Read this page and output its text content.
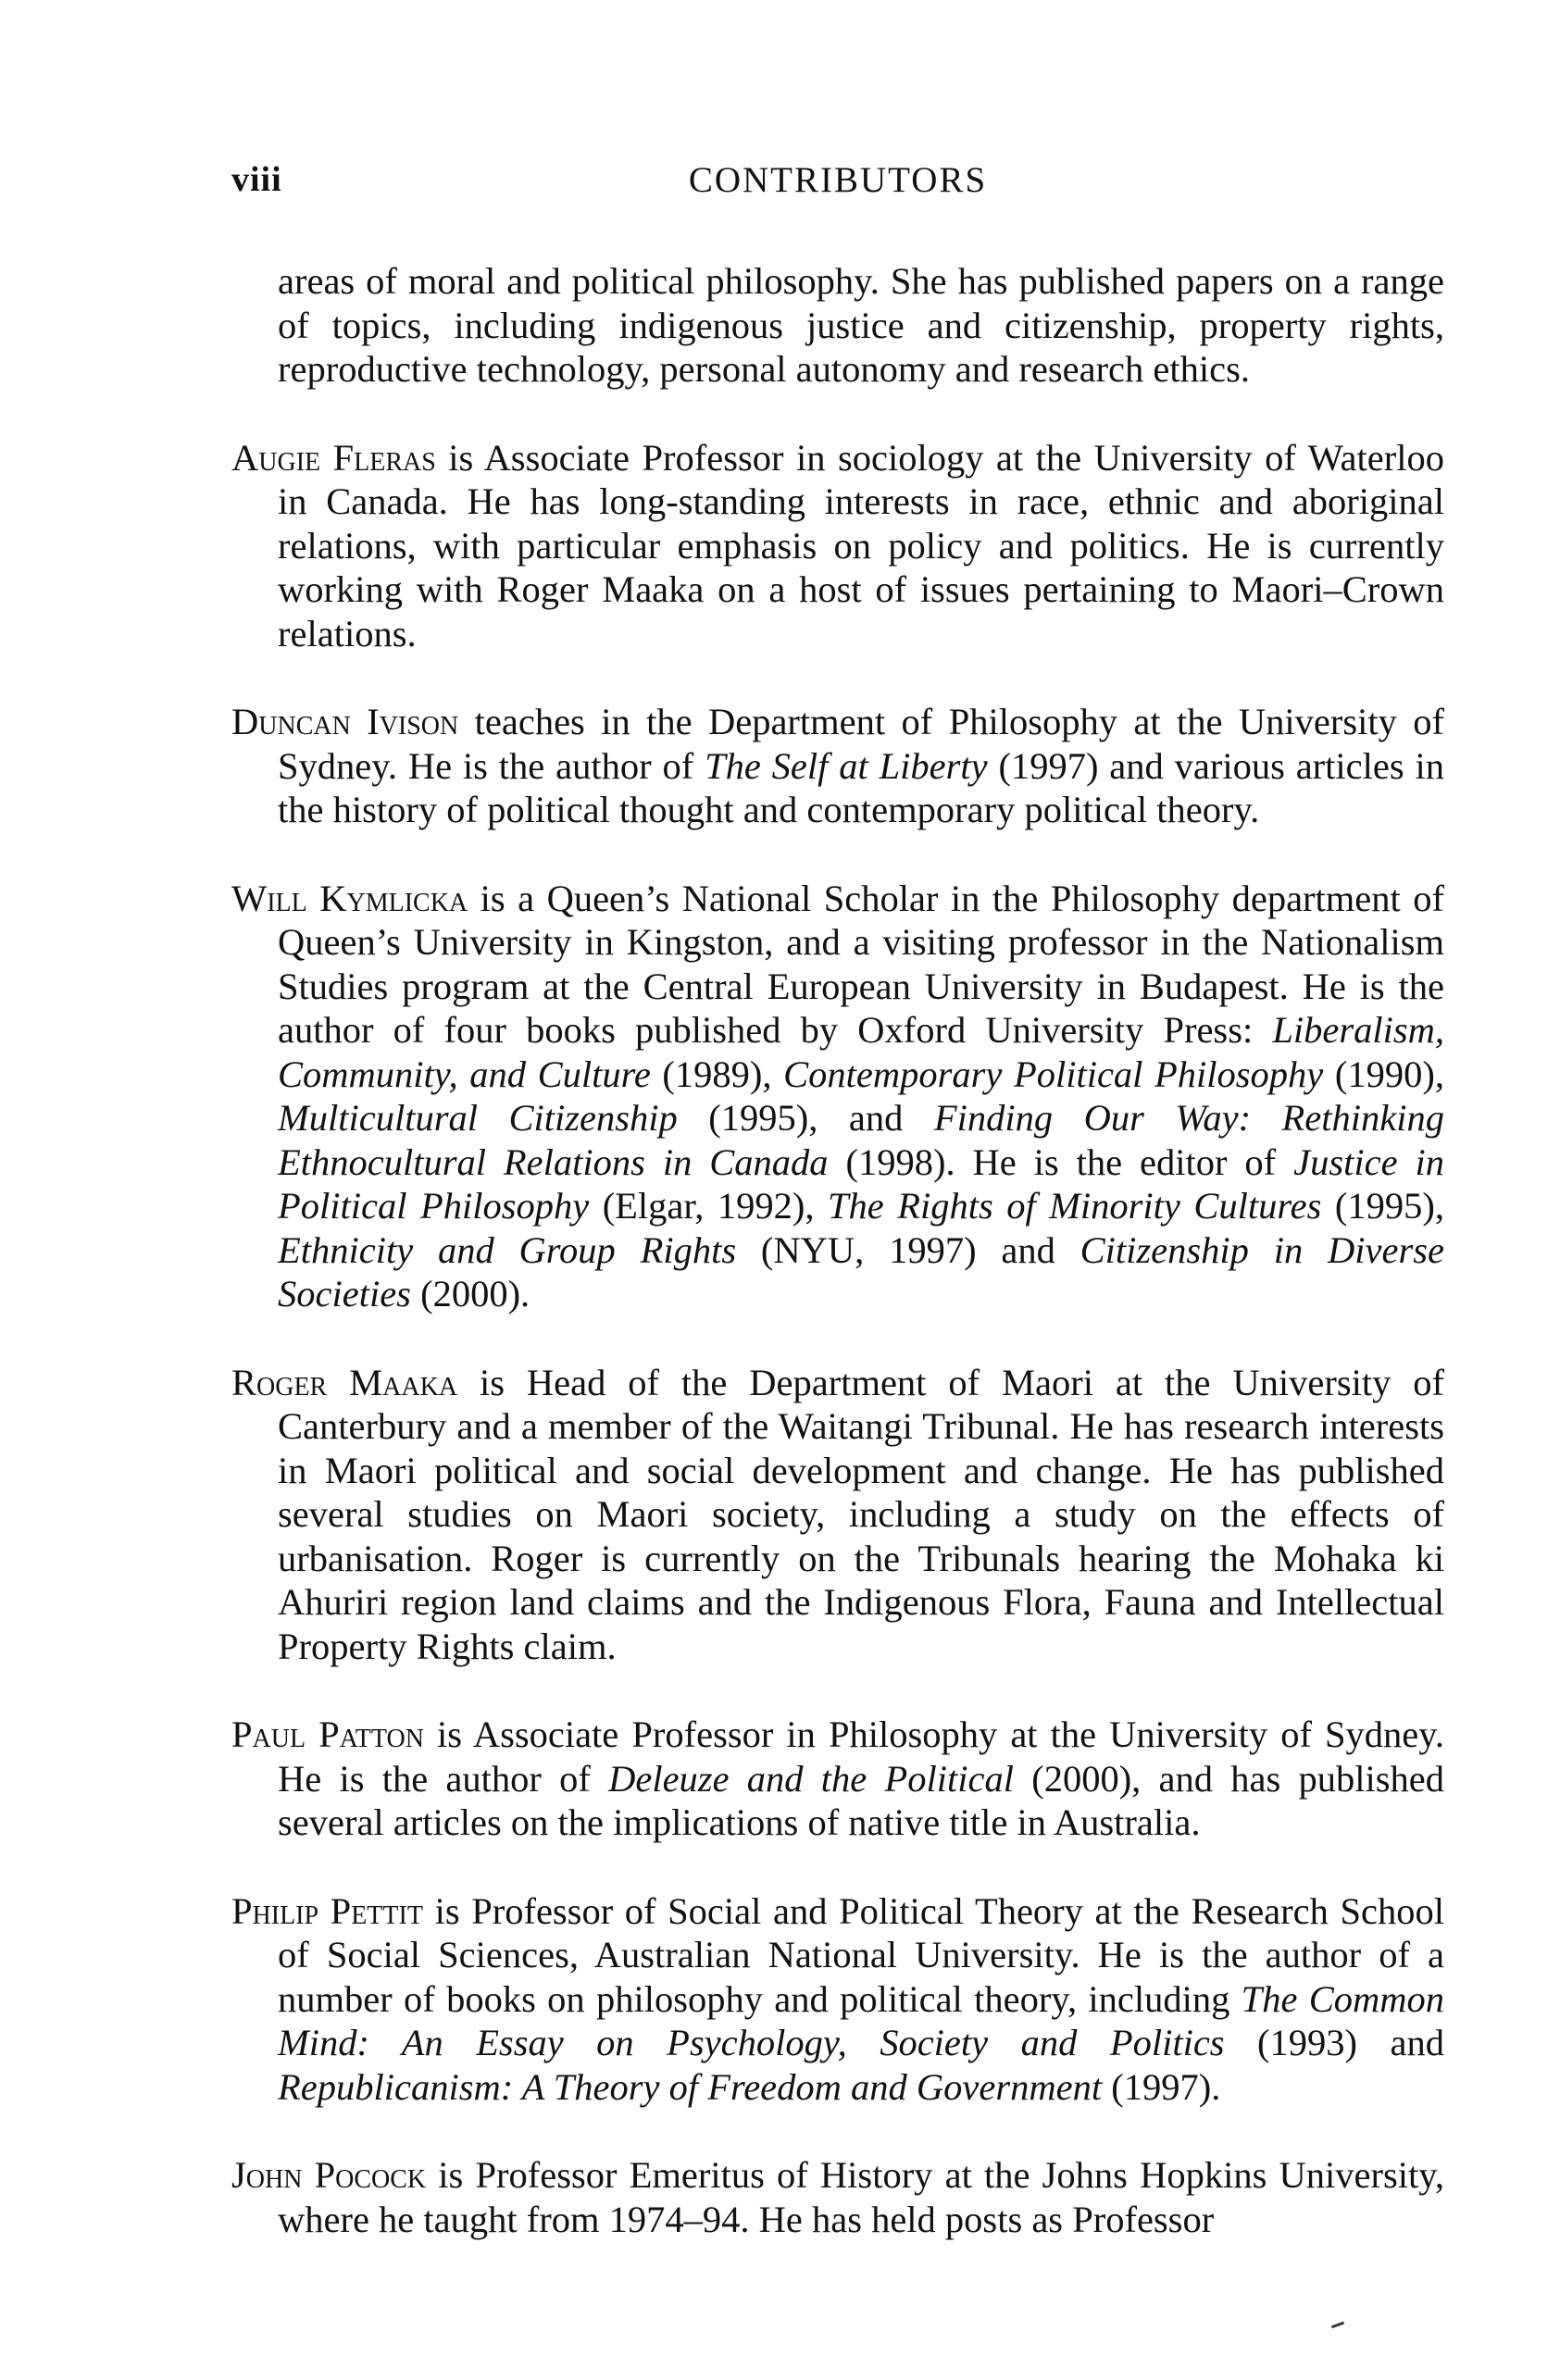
viii	CONTRIBUTORS

areas of moral and political philosophy. She has published papers on a range of topics, including indigenous justice and citizenship, property rights, reproductive technology, personal autonomy and research ethics.

Augie Fleras is Associate Professor in sociology at the University of Waterloo in Canada. He has long-standing interests in race, ethnic and aboriginal relations, with particular emphasis on policy and politics. He is currently working with Roger Maaka on a host of issues pertaining to Maori–Crown relations.

Duncan Ivison teaches in the Department of Philosophy at the University of Sydney. He is the author of The Self at Liberty (1997) and various articles in the history of political thought and contemporary political theory.

Will Kymlicka is a Queen’s National Scholar in the Philosophy department of Queen’s University in Kingston, and a visiting professor in the Nationalism Studies program at the Central European University in Budapest. He is the author of four books published by Oxford University Press: Liberalism, Community, and Culture (1989), Contemporary Political Philosophy (1990), Multicultural Citizenship (1995), and Finding Our Way: Rethinking Ethnocultural Relations in Canada (1998). He is the editor of Justice in Political Philosophy (Elgar, 1992), The Rights of Minority Cultures (1995), Ethnicity and Group Rights (NYU, 1997) and Citizenship in Diverse Societies (2000).

Roger Maaka is Head of the Department of Maori at the University of Canterbury and a member of the Waitangi Tribunal. He has research interests in Maori political and social development and change. He has published several studies on Maori society, including a study on the effects of urbanisation. Roger is currently on the Tribunals hearing the Mohaka ki Ahuriri region land claims and the Indigenous Flora, Fauna and Intellectual Property Rights claim.

Paul Patton is Associate Professor in Philosophy at the University of Sydney. He is the author of Deleuze and the Political (2000), and has published several articles on the implications of native title in Australia.

Philip Pettit is Professor of Social and Political Theory at the Research School of Social Sciences, Australian National University. He is the author of a number of books on philosophy and political theory, including The Common Mind: An Essay on Psychology, Society and Politics (1993) and Republicanism: A Theory of Freedom and Government (1997).

John Pocock is Professor Emeritus of History at the Johns Hopkins University, where he taught from 1974–94. He has held posts as Professor
